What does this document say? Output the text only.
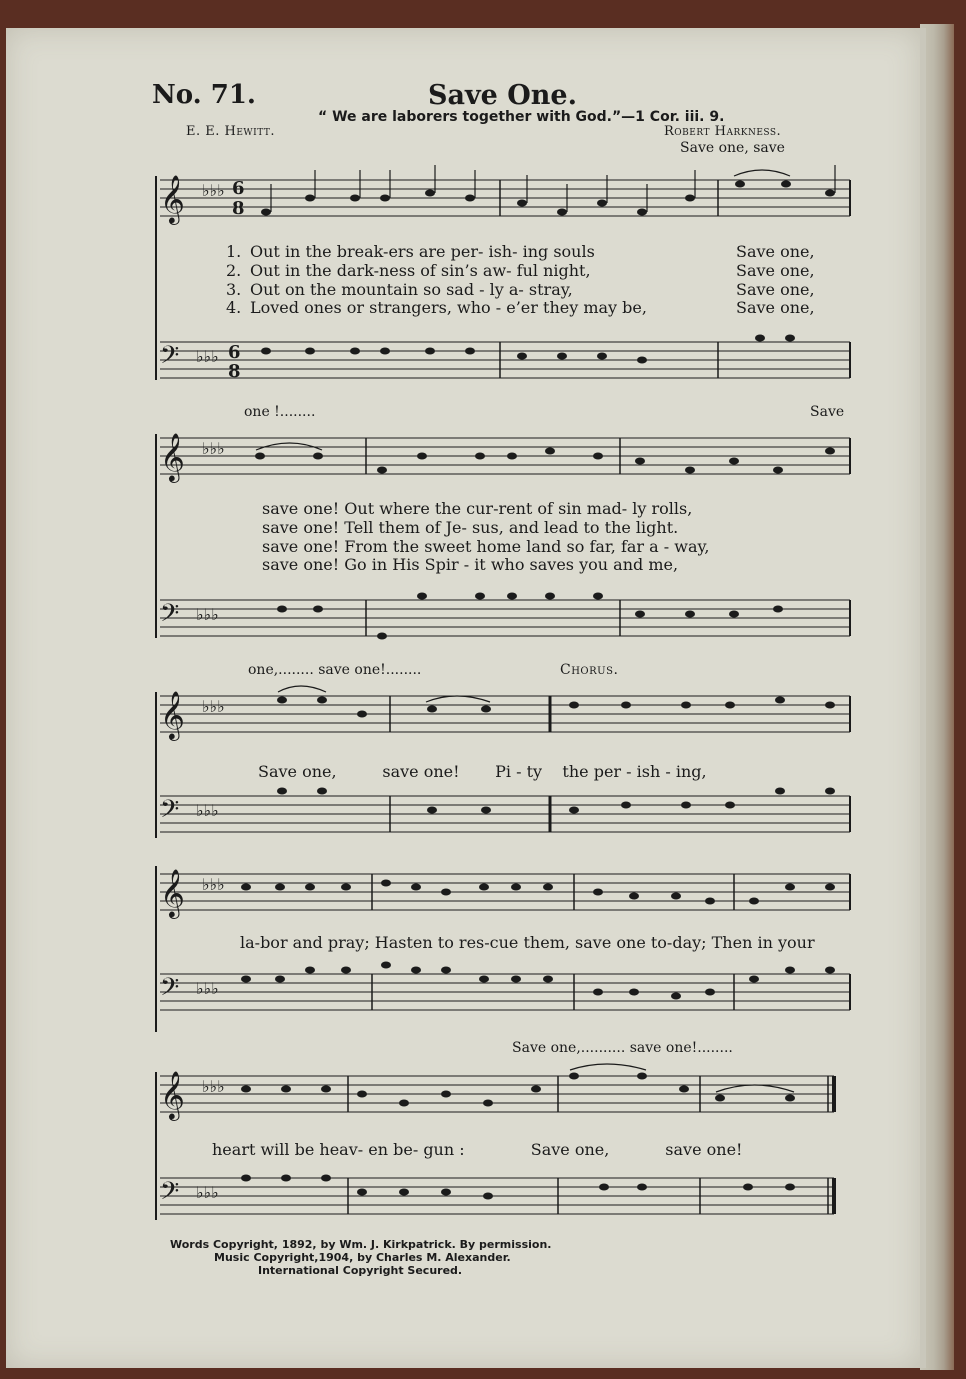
No. 71.	Save One.
“ We are laborers together with God.”—1 Cor. iii. 9.
E. E. Hewitt.	Robert Harkness.
Save one, save
𝄞 ♭♭♭ 6
8
𝄢 ♭♭♭ 6
8
1. Out in the break-ers are per- ish- ing souls	Save one,
2. Out in the dark-ness of sin’s aw- ful night,	Save one,
3. Out on the mountain so sad - ly a- stray,	Save one,
4. Loved ones or strangers, who - e’er they may be,	Save one,
one !........	Save
𝄞 ♭♭♭
𝄢 ♭♭♭
save one! Out where the cur-rent of sin mad- ly rolls,
save one! Tell them of Je- sus, and lead to the light.
save one! From the sweet home land so far, far a - way,
save one! Go in His Spir - it who saves you and me,
one,........ save one!........	Chorus.
𝄞 ♭♭♭
𝄢 ♭♭♭
Save one,         save one!       Pi - ty    the per - ish - ing,
𝄞 ♭♭♭
𝄢 ♭♭♭
la-bor and pray; Hasten to res-cue them, save one to-day; Then in your
Save one,.......... save one!........
𝄞 ♭♭♭
𝄢 ♭♭♭
heart will be heav- en be- gun :             Save one,           save one!
Words Copyright, 1892, by Wm. J. Kirkpatrick. By permission.
Music Copyright,1904, by Charles M. Alexander.
International Copyright Secured.
